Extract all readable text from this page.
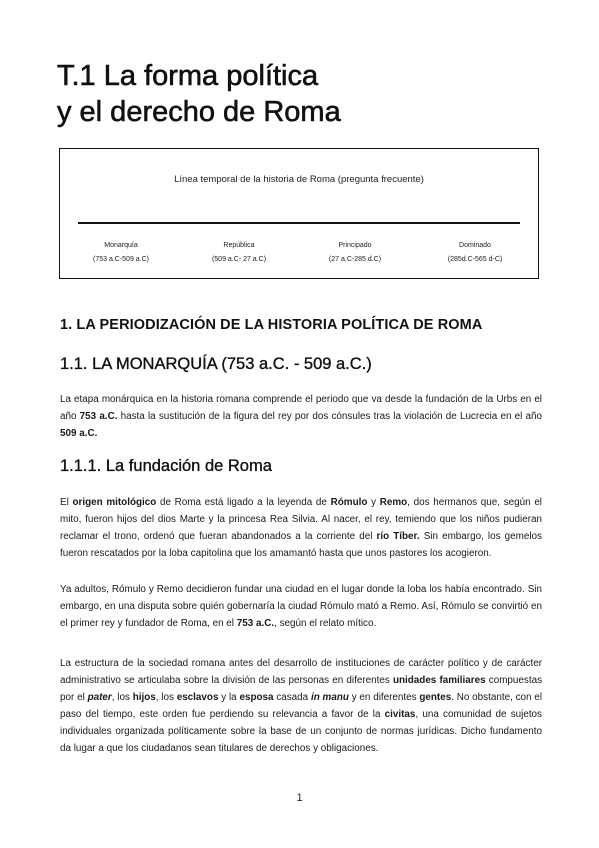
T.1 La forma política
y el derecho de Roma
Línea temporal de la historia de Roma (pregunta frecuente)
Monarquía
(753 a.C-509 a.C)
República
(509 a.C- 27 a.C)
Principado
(27 a.C-285 d.C)
Dominado
(285d.C-565 d-C)
1. LA PERIODIZACIÓN DE LA HISTORIA POLÍTICA DE ROMA
1.1. LA MONARQUÍA (753 a.C. - 509 a.C.)

La etapa monárquica en la historia romana comprende el periodo que va desde la fundación de la Urbs en el año 753 a.C. hasta la sustitución de la figura del rey por dos cónsules tras la violación de Lucrecia en el año 509 a.C.

1.1.1. La fundación de Roma

El origen mitológico de Roma está ligado a la leyenda de Rómulo y Remo, dos hermanos que, según el mito, fueron hijos del dios Marte y la princesa Rea Silvia. Al nacer, el rey, temiendo que los niños pudieran reclamar el trono, ordenó que fueran abandonados a la corriente del río Tíber. Sin embargo, los gemelos fueron rescatados por la loba capitolina que los amamantó hasta que unos pastores los acogieron.

Ya adultos, Rómulo y Remo decidieron fundar una ciudad en el lugar donde la loba los había encontrado. Sin embargo, en una disputa sobre quién gobernaría la ciudad Rómulo mató a Remo. Así, Rómulo se convirtió en el primer rey y fundador de Roma, en el 753 a.C., según el relato mítico.

La estructura de la sociedad romana antes del desarrollo de instituciones de carácter político y de carácter administrativo se articulaba sobre la división de las personas en diferentes unidades familiares compuestas por el pater, los hijos, los esclavos y la esposa casada in manu y en diferentes gentes. No obstante, con el paso del tiempo, este orden fue perdiendo su relevancia a favor de la civitas, una comunidad de sujetos individuales organizada políticamente sobre la base de un conjunto de normas jurídicas. Dicho fundamento da lugar a que los ciudadanos sean titulares de derechos y obligaciones.

1
